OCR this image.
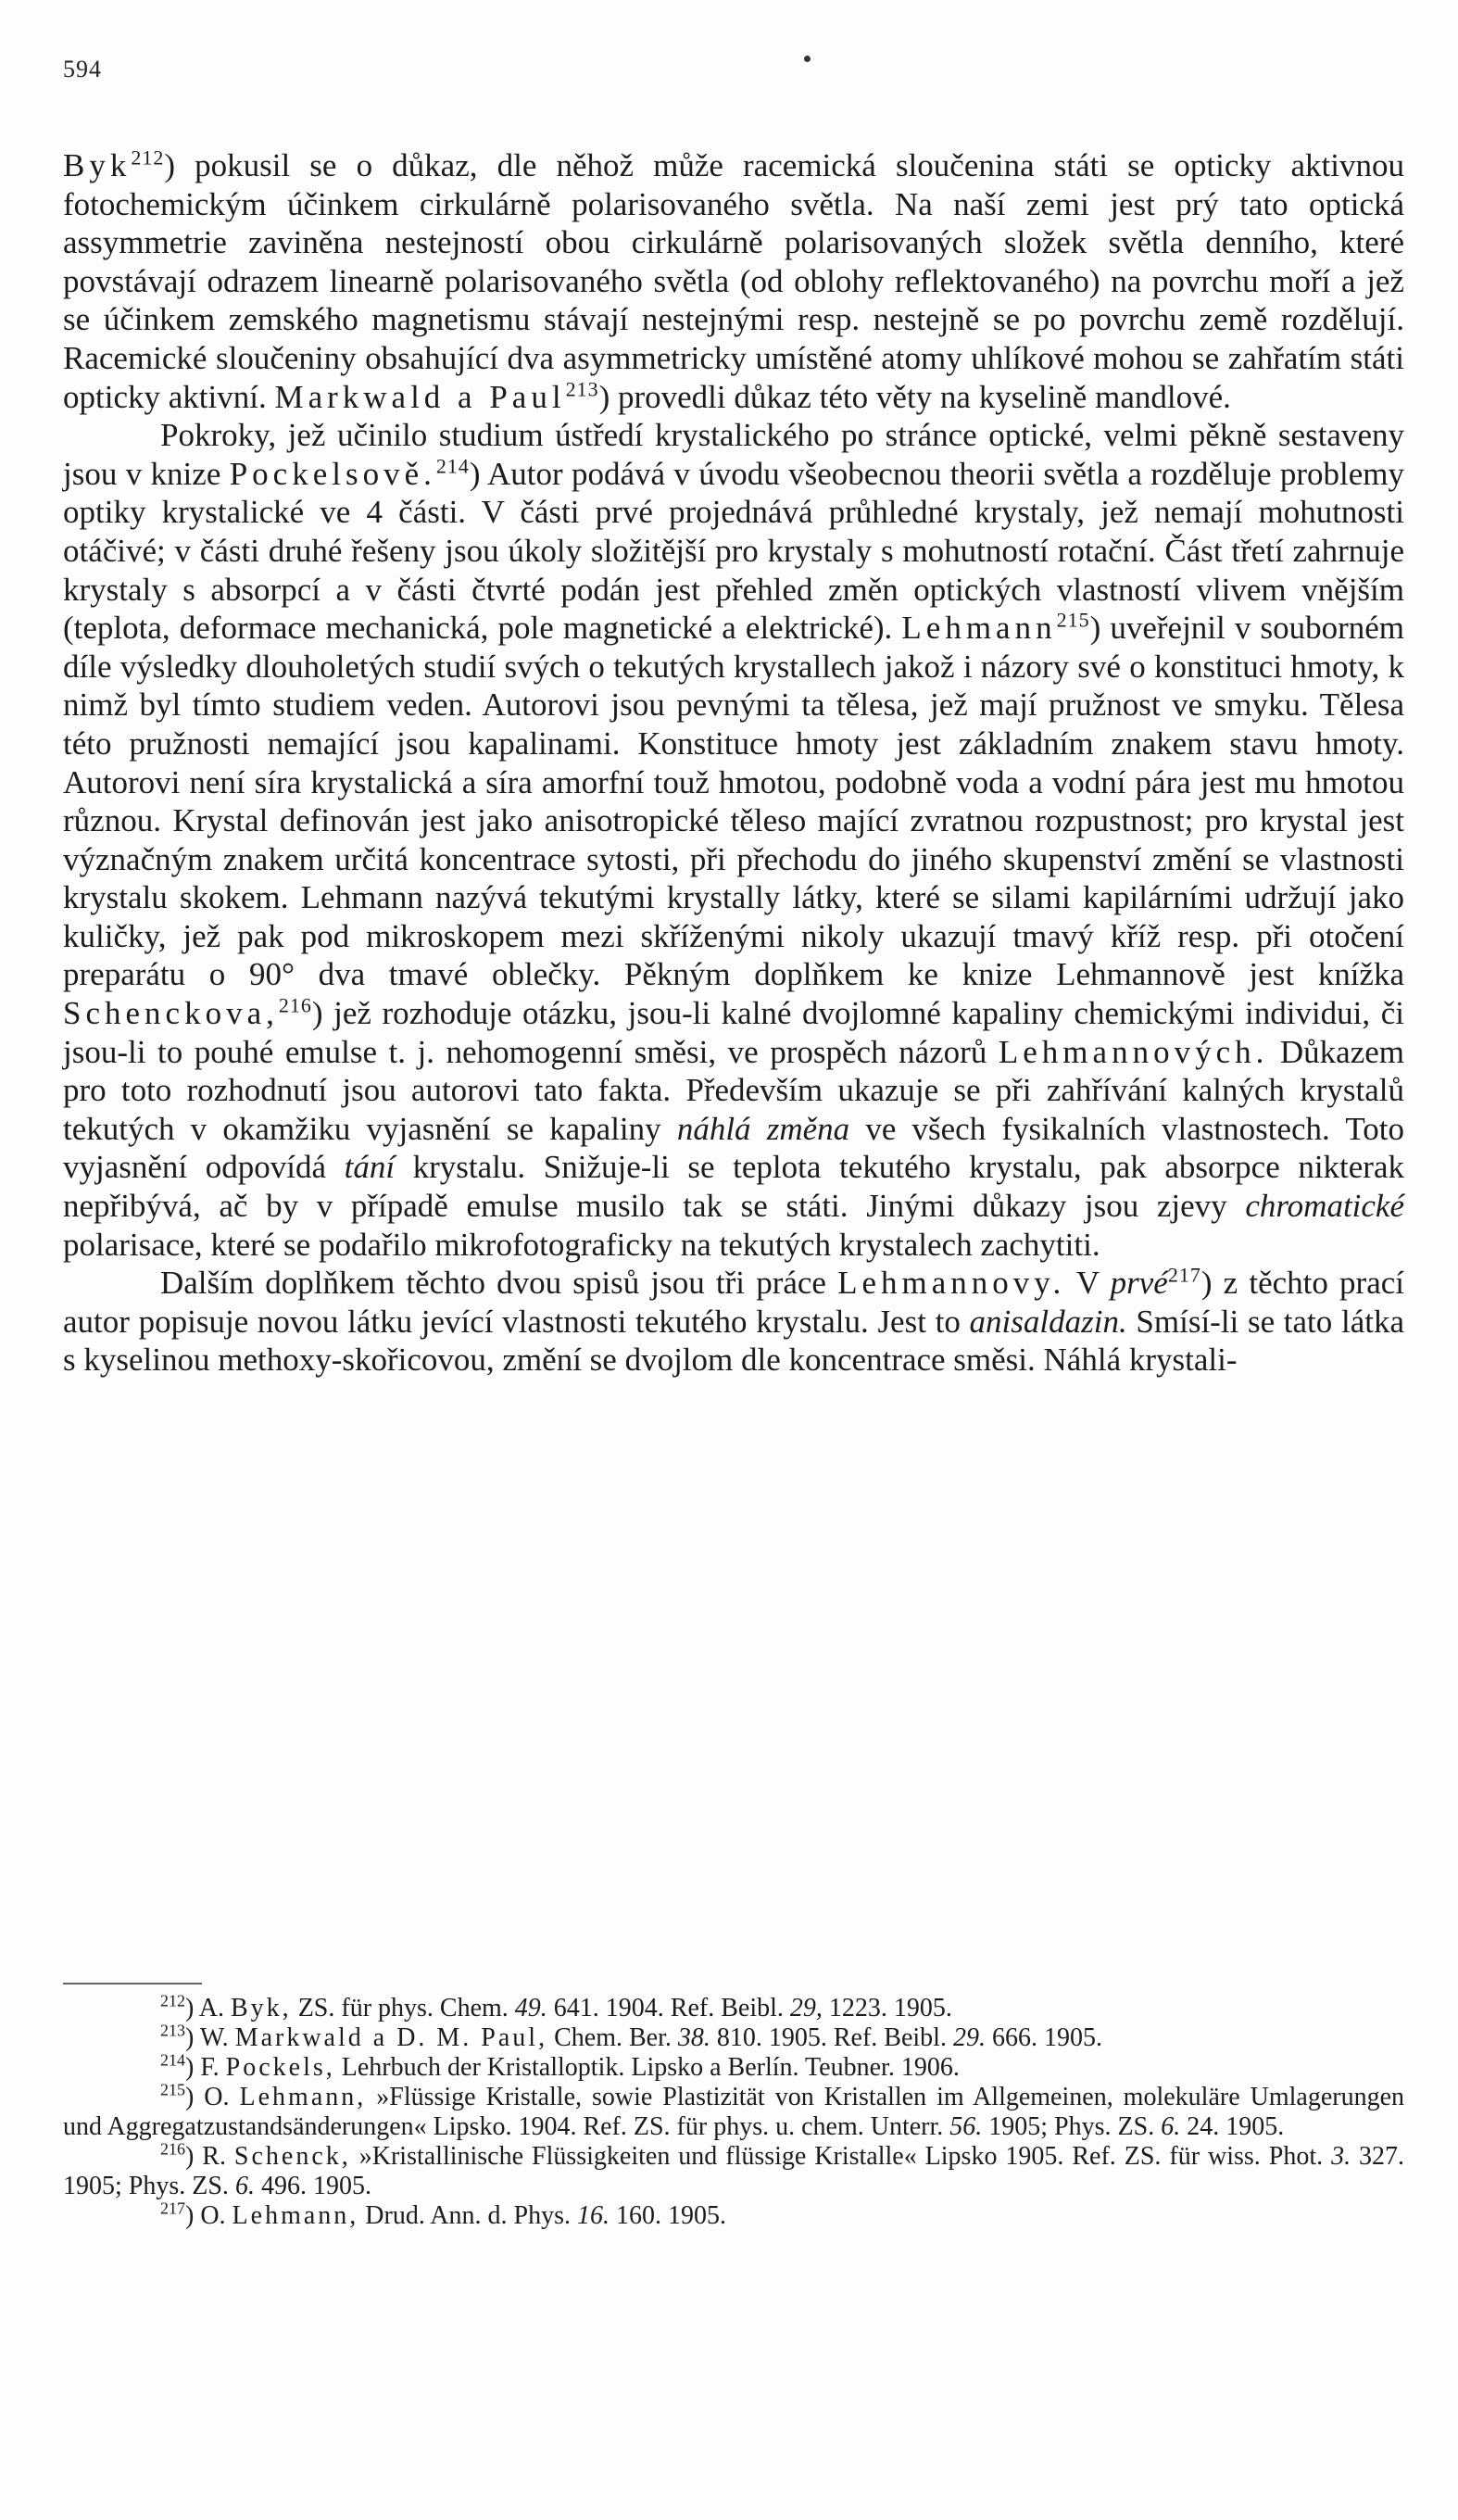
594

Byk$^{212}$) pokusil se o důkaz, dle něhož může racemická sloučenina státi se opticky aktivnou fotochemickým účinkem cirkulárně polarisovaného světla. Na naší zemi jest prý tato optická assymmetrie zaviněna nestejností obou cirkulárně polarisovaných složek světla denního, které povstávají odrazem linearně polarisovaného světla (od oblohy reflektovaného) na povrchu moří a jež se účinkem zemského magnetismu stávají nestejnými resp. nestejně se po povrchu země rozdělují. Racemické sloučeniny obsahující dva asymmetricky umístěné atomy uhlíkové mohou se zahřatím státi opticky aktivní. Markwald a Paul$^{213}$) provedli důkaz této věty na kyselině mandlové.

Pokroky, jež učinilo studium ústředí krystalického po stránce optické, velmi pěkně sestaveny jsou v knize Pockelsově.$^{214}$) Autor podává v úvodu všeobecnou theorii světla a rozděluje problemy optiky krystalické ve 4 části. V části prvé projednává průhledné krystaly, jež nemají mohutnosti otáčivé; v části druhé řešeny jsou úkoly složitější pro krystaly s mohutností rotační. Část třetí zahrnuje krystaly s absorpcí a v části čtvrté podán jest přehled změn optických vlastností vlivem vnějším (teplota, deformace mechanická, pole magnetické a elektrické). Lehmann$^{215}$) uveřejnil v souborném díle výsledky dlouholetých studií svých o tekutých krystallech jakož i názory své o konstituci hmoty, k nimž byl tímto studiem veden. Autorovi jsou pevnými ta tělesa, jež mají pružnost ve smyku. Tělesa této pružnosti nemající jsou kapalinami. Konstituce hmoty jest základním znakem stavu hmoty. Autorovi není síra krystalická a síra amorfní touž hmotou, podobně voda a vodní pára jest mu hmotou různou. Krystal definován jest jako anisotropické těleso mající zvratnou rozpustnost; pro krystal jest význačným znakem určitá koncentrace sytosti, při přechodu do jiného skupenství změní se vlastnosti krystalu skokem. Lehmann nazývá tekutými krystally látky, které se silami kapilárními udržují jako kuličky, jež pak pod mikroskopem mezi skříženými nikoly ukazují tmavý kříž resp. při otočení preparátu o 90° dva tmavé oblečky. Pěkným doplňkem ke knize Lehmannově jest knížka Schenckova,$^{216}$) jež rozhoduje otázku, jsou-li kalné dvojlomné kapaliny chemickými individui, či jsou-li to pouhé emulse t. j. nehomogenní směsi, ve prospěch názorů Lehmannových. Důkazem pro toto rozhodnutí jsou autorovi tato fakta. Především ukazuje se při zahřívání kalných krystalů tekutých v okamžiku vyjasnění se kapaliny náhlá změna ve všech fysikalních vlastnostech. Toto vyjasnění odpovídá tání krystalu. Snižuje-li se teplota tekutého krystalu, pak absorpce nikterak nepřibývá, ač by v případě emulse musilo tak se státi. Jinými důkazy jsou zjevy chromatické polarisace, které se podařilo mikrofotograficky na tekutých krystalech zachytiti.

Dalším doplňkem těchto dvou spisů jsou tři práce Lehmannovy. V prvé$^{217}$) z těchto prací autor popisuje novou látku jevící vlastnosti tekutého krystalu. Jest to anisaldazin. Smísí-li se tato látka s kyselinou methoxy-skořicovou, změní se dvojlom dle koncentrace směsi. Náhlá krystali-

$^{212}$) A. Byk, ZS. für phys. Chem. 49. 641. 1904. Ref. Beibl. 29, 1223. 1905.

$^{213}$) W. Markwald a D. M. Paul, Chem. Ber. 38. 810. 1905. Ref. Beibl. 29. 666. 1905.

$^{214}$) F. Pockels, Lehrbuch der Kristalloptik. Lipsko a Berlín. Teubner. 1906.

$^{215}$) O. Lehmann, »Flüssige Kristalle, sowie Plastizität von Kristallen im Allgemeinen, molekuläre Umlagerungen und Aggregatzustandsänderungen« Lipsko. 1904. Ref. ZS. für phys. u. chem. Unterr. 56. 1905; Phys. ZS. 6. 24. 1905.

$^{216}$) R. Schenck, »Kristallinische Flüssigkeiten und flüssige Kristalle« Lipsko 1905. Ref. ZS. für wiss. Phot. 3. 327. 1905; Phys. ZS. 6. 496. 1905.

$^{217}$) O. Lehmann, Drud. Ann. d. Phys. 16. 160. 1905.
